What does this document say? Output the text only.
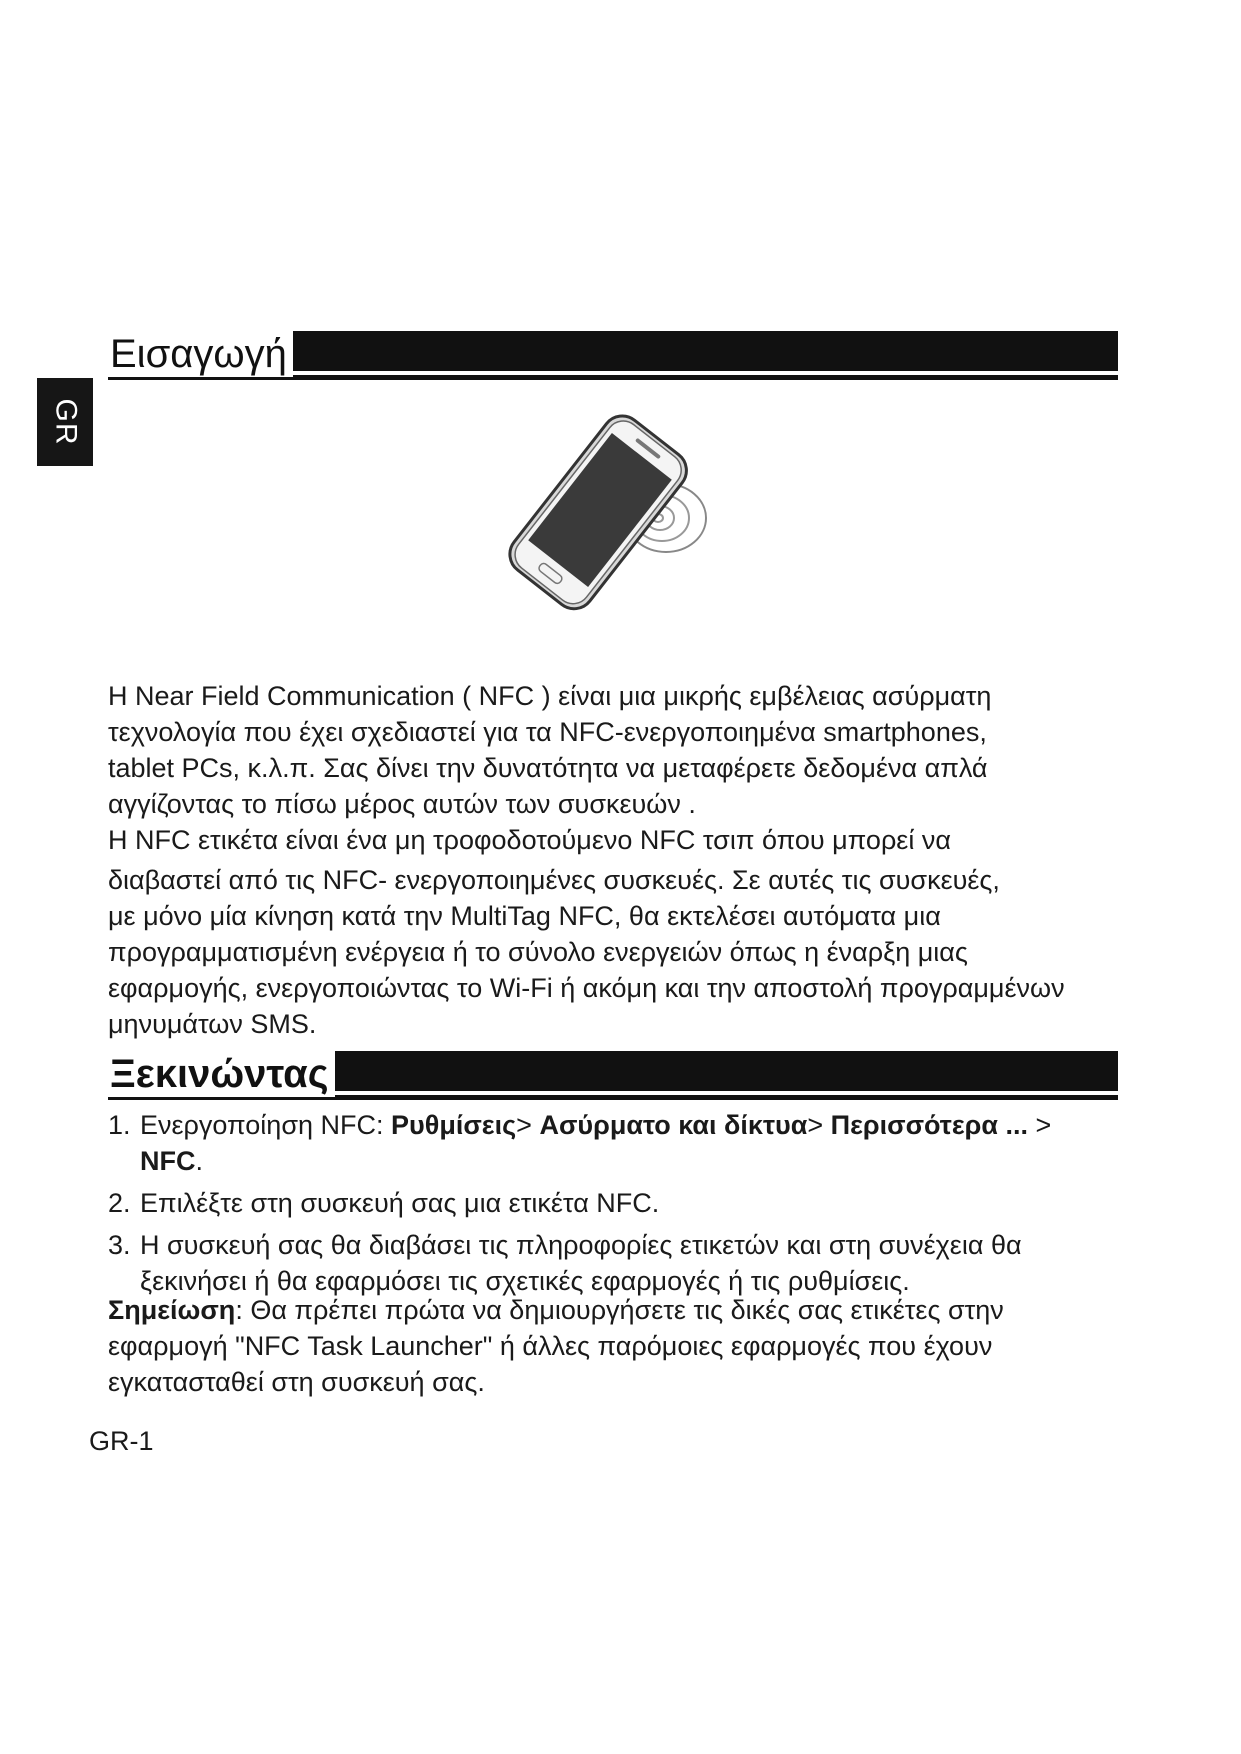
GR
Εισαγωγή
Η Near Field Communication ( NFC ) είναι μια μικρής εμβέλειας ασύρματη
τεχνολογία που έχει σχεδιαστεί για τα NFC-ενεργοποιημένα smartphones,
tablet PCs, κ.λ.π. Σας δίνει την δυνατότητα να μεταφέρετε δεδομένα απλά
αγγίζοντας το πίσω μέρος αυτών των συσκευών .
Η NFC ετικέτα είναι ένα μη τροφοδοτούμενο NFC τσιπ όπου μπορεί να
διαβαστεί από τις NFC- ενεργοποιημένες συσκευές. Σε αυτές τις συσκευές,
με μόνο μία κίνηση κατά την MultiTag NFC, θα εκτελέσει αυτόματα μια
προγραμματισμένη ενέργεια ή το σύνολο ενεργειών όπως η έναρξη μιας
εφαρμογής, ενεργοποιώντας το Wi-Fi ή ακόμη και την αποστολή προγραμμένων
μηνυμάτων SMS.
Ξεκινώντας
1. Ενεργοποίηση NFC: Ρυθμίσεις> Ασύρματο και δίκτυα> Περισσότερα ... >
NFC.
2. Επιλέξτε στη συσκευή σας μια ετικέτα NFC.
3. Η συσκευή σας θα διαβάσει τις πληροφορίες ετικετών και στη συνέχεια θα
ξεκινήσει ή θα εφαρμόσει τις σχετικές εφαρμογές ή τις ρυθμίσεις.
Σημείωση: Θα πρέπει πρώτα να δημιουργήσετε τις δικές σας ετικέτες στην
εφαρμογή "NFC Task Launcher" ή άλλες παρόμοιες εφαρμογές που έχουν
εγκατασταθεί στη συσκευή σας.
GR-1
